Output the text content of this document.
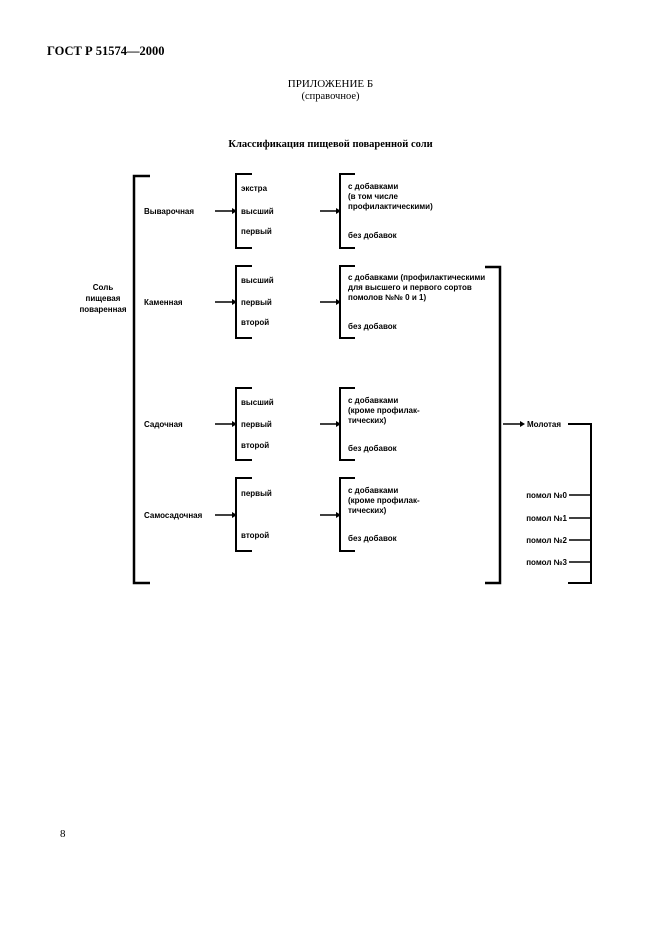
ГОСТ Р 51574—2000
ПРИЛОЖЕНИЕ Б
(справочное)
Классификация пищевой поваренной соли
Соль
пищевая
поваренная
Выварочная
Каменная
Садочная
Самосадочная
экстра
высший
первый
высший
первый
второй
высший
первый
второй
первый
второй
с добавками
(в том числе
профилактическими)
без добавок
с добавками (профилактическими
для высшего и первого сортов
помолов №№ 0 и 1)
без добавок
с добавками
(кроме профилак-
тических)
без добавок
с добавками
(кроме профилак-
тических)
без добавок
Молотая
помол №0
помол №1
помол №2
помол №3
8
